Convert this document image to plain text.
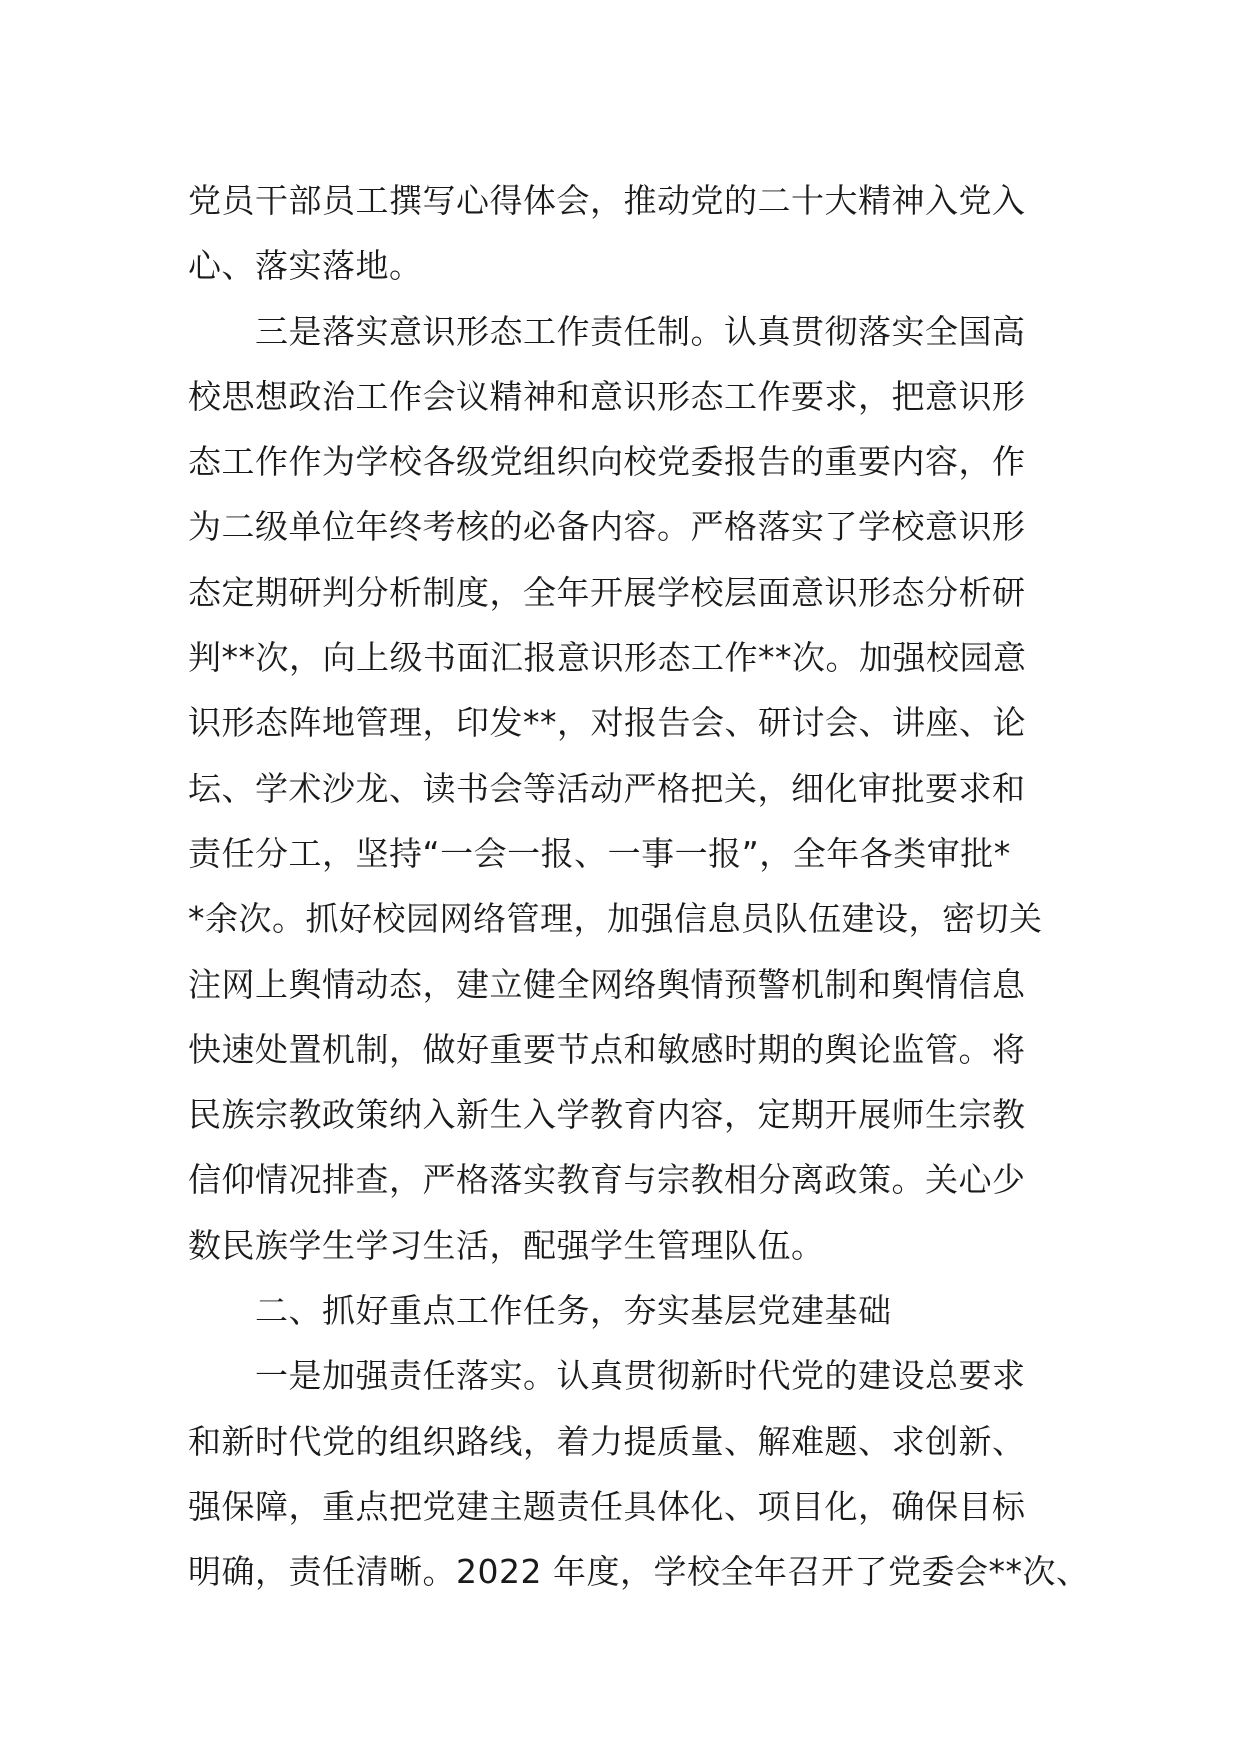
党员干部员工撰写心得体会，推动党的二十大精神入党入
心、落实落地。
　　三是落实意识形态工作责任制。认真贯彻落实全国高
校思想政治工作会议精神和意识形态工作要求，把意识形
态工作作为学校各级党组织向校党委报告的重要内容，作
为二级单位年终考核的必备内容。严格落实了学校意识形
态定期研判分析制度，全年开展学校层面意识形态分析研
判**次，向上级书面汇报意识形态工作**次。加强校园意
识形态阵地管理，印发**，对报告会、研讨会、讲座、论
坛、学术沙龙、读书会等活动严格把关，细化审批要求和
责任分工，坚持“一会一报、一事一报”，全年各类审批*
*余次。抓好校园网络管理，加强信息员队伍建设，密切关
注网上舆情动态，建立健全网络舆情预警机制和舆情信息
快速处置机制，做好重要节点和敏感时期的舆论监管。将
民族宗教政策纳入新生入学教育内容，定期开展师生宗教
信仰情况排查，严格落实教育与宗教相分离政策。关心少
数民族学生学习生活，配强学生管理队伍。
　　二、抓好重点工作任务，夯实基层党建基础
　　一是加强责任落实。认真贯彻新时代党的建设总要求
和新时代党的组织路线，着力提质量、解难题、求创新、
强保障，重点把党建主题责任具体化、项目化，确保目标
明确，责任清晰。2022 年度，学校全年召开了党委会**次、
